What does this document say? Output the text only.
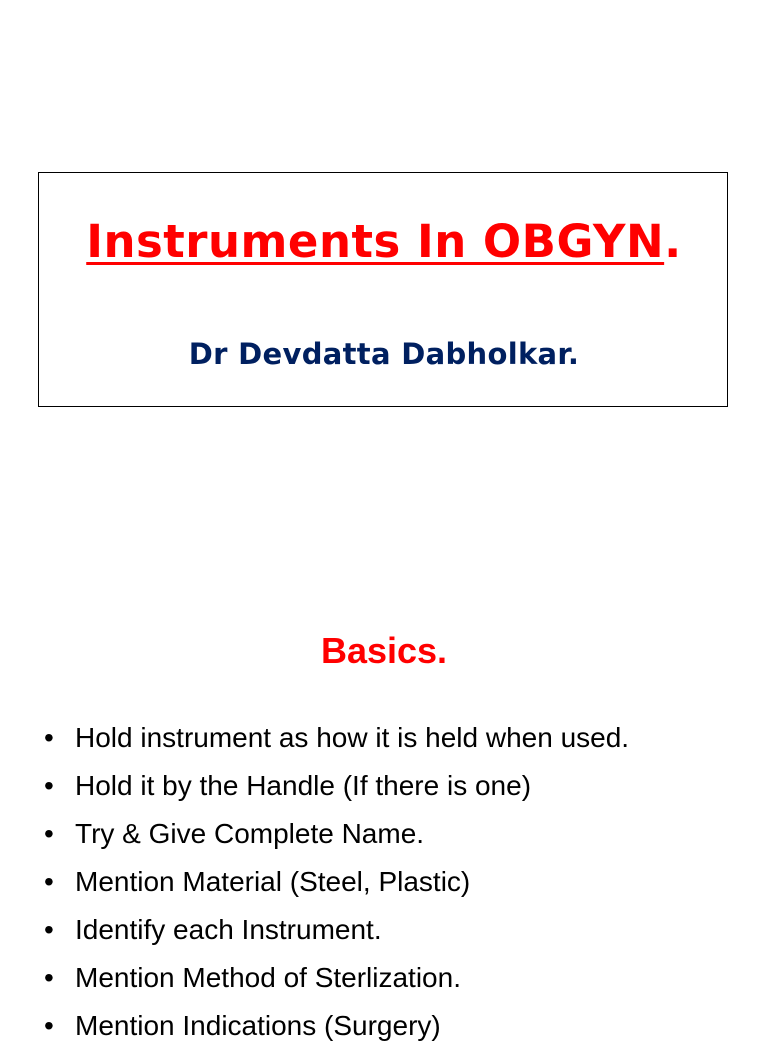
Instruments In OBGYN.

Dr Devdatta Dabholkar.

Basics.
• Hold instrument as how it is held when used.
• Hold it by the Handle (If there is one)
• Try & Give Complete Name.
• Mention Material (Steel, Plastic)
• Identify each Instrument.
• Mention Method of Sterlization.
• Mention Indications (Surgery)
